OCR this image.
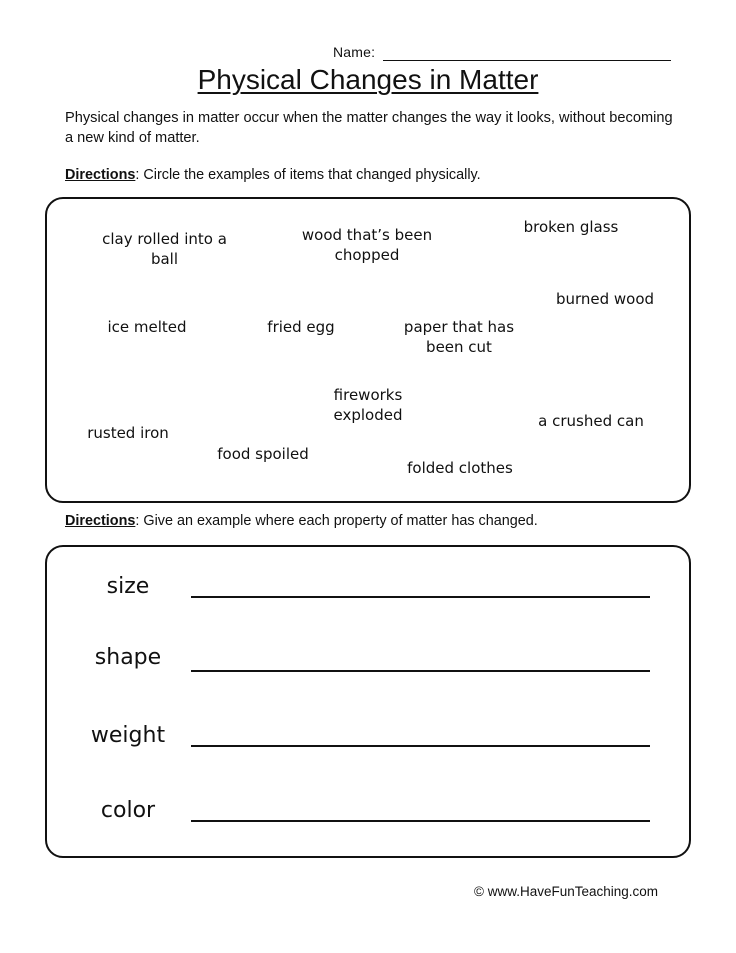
Name:
Physical Changes in Matter
Physical changes in matter occur when the matter changes the way it looks, without becoming a new kind of matter.
Directions: Circle the examples of items that changed physically.
clay rolled into a
ball
wood that’s been
chopped
broken glass
burned wood
ice melted	fried egg	paper that has
been cut
fireworks
exploded
rusted iron
a crushed can
food spoiled
folded clothes
Directions: Give an example where each property of matter has changed.
size
shape
weight
color
© www.HaveFunTeaching.com
